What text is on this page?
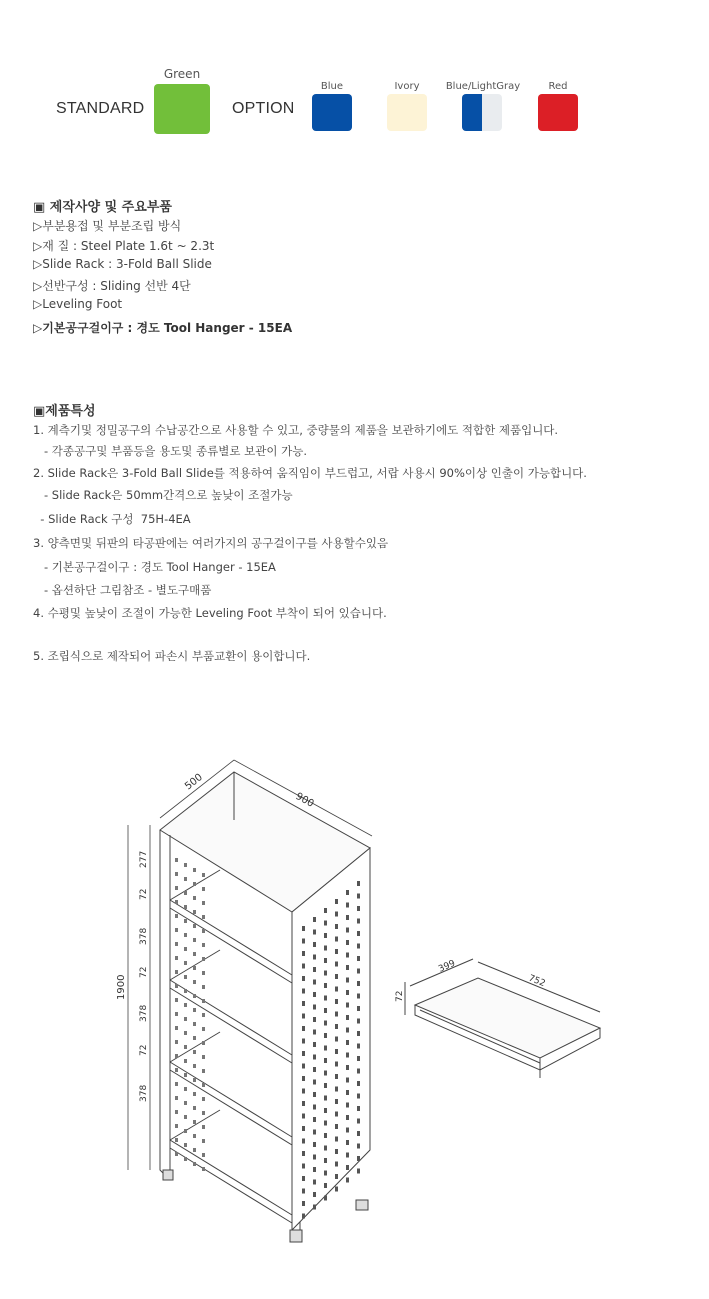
STANDARD
Green
OPTION
Blue	Ivory	Blue/LightGray	Red
▣ 제작사양 및 주요부품
▷부분용접 및 부분조립 방식
▷재 질 : Steel Plate 1.6t ~ 2.3t
▷Slide Rack : 3-Fold Ball Slide
▷선반구성 : Sliding 선반 4단
▷Leveling Foot
▷기본공구걸이구 : 경도 Tool Hanger - 15EA
▣제품특성
1. 계측기및 정밀공구의 수납공간으로 사용할 수 있고, 중량물의 제품을 보관하기에도 적합한 제품입니다.
- 각종공구및 부품등을 용도및 종류별로 보관이 가능.
2. Slide Rack은 3-Fold Ball Slide를 적용하여 움직임이 부드럽고, 서랍 사용시 90%이상 인출이 가능합니다.
- Slide Rack은 50mm간격으로 높낮이 조절가능
- Slide Rack 구성  75H-4EA
3. 양측면및 뒤판의 타공판에는 여러가지의 공구걸이구를 사용할수있음
- 기본공구걸이구 : 경도 Tool Hanger - 15EA
- 옵션하단 그림참조 - 별도구매품
4. 수평및 높낮이 조절이 가능한 Leveling Foot 부착이 되어 있습니다.
5. 조립식으로 제작되어 파손시 부품교환이 용이합니다.
500
900
1900
277
72
378
72
378
72
378
399
752
72
